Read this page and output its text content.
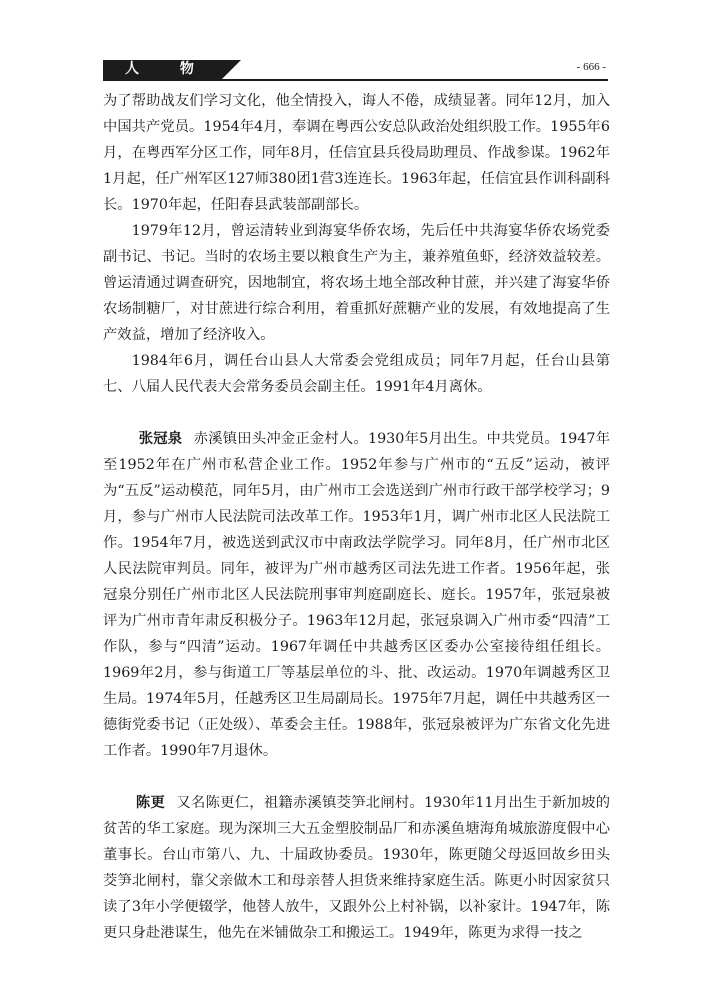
人 物	- 666 -

为了帮助战友们学习文化，他全情投入，诲人不倦，成绩显著。同年12月，加入中国共产党员。1954年4月，奉调在粤西公安总队政治处组织股工作。1955年6月，在粤西军分区工作，同年8月，任信宜县兵役局助理员、作战参谋。1962年1月起，任广州军区127师380团1营3连连长。1963年起，任信宜县作训科副科长。1970年起，任阳春县武装部副部长。

1979年12月，曾运清转业到海宴华侨农场，先后任中共海宴华侨农场党委副书记、书记。当时的农场主要以粮食生产为主，兼养殖鱼虾，经济效益较差。曾运清通过调查研究，因地制宜，将农场土地全部改种甘蔗，并兴建了海宴华侨农场制糖厂，对甘蔗进行综合利用，着重抓好蔗糖产业的发展，有效地提高了生产效益，增加了经济收入。

1984年6月，调任台山县人大常委会党组成员；同年7月起，任台山县第七、八届人民代表大会常务委员会副主任。1991年4月离休。

张冠泉 赤溪镇田头冲金正金村人。1930年5月出生。中共党员。1947年至1952年在广州市私营企业工作。1952年参与广州市的“五反”运动，被评为“五反”运动模范，同年5月，由广州市工会选送到广州市行政干部学校学习；9月，参与广州市人民法院司法改革工作。1953年1月，调广州市北区人民法院工作。1954年7月，被选送到武汉市中南政法学院学习。同年8月，任广州市北区人民法院审判员。同年，被评为广州市越秀区司法先进工作者。1956年起，张冠泉分别任广州市北区人民法院刑事审判庭副庭长、庭长。1957年，张冠泉被评为广州市青年肃反积极分子。1963年12月起，张冠泉调入广州市委“四清”工作队，参与“四清”运动。1967年调任中共越秀区区委办公室接待组任组长。1969年2月，参与街道工厂等基层单位的斗、批、改运动。1970年调越秀区卫生局。1974年5月，任越秀区卫生局副局长。1975年7月起，调任中共越秀区一德街党委书记（正处级）、革委会主任。1988年，张冠泉被评为广东省文化先进工作者。1990年7月退休。

陈更 又名陈更仁，祖籍赤溪镇茭笋北闸村。1930年11月出生于新加坡的贫苦的华工家庭。现为深圳三大五金塑胶制品厂和赤溪鱼塘海角城旅游度假中心董事长。台山市第八、九、十届政协委员。1930年，陈更随父母返回故乡田头茭笋北闸村，靠父亲做木工和母亲替人担货来维持家庭生活。陈更小时因家贫只读了3年小学便辍学，他替人放牛，又跟外公上村补锅，以补家计。1947年，陈更只身赴港谋生，他先在米铺做杂工和搬运工。1949年，陈更为求得一技之
